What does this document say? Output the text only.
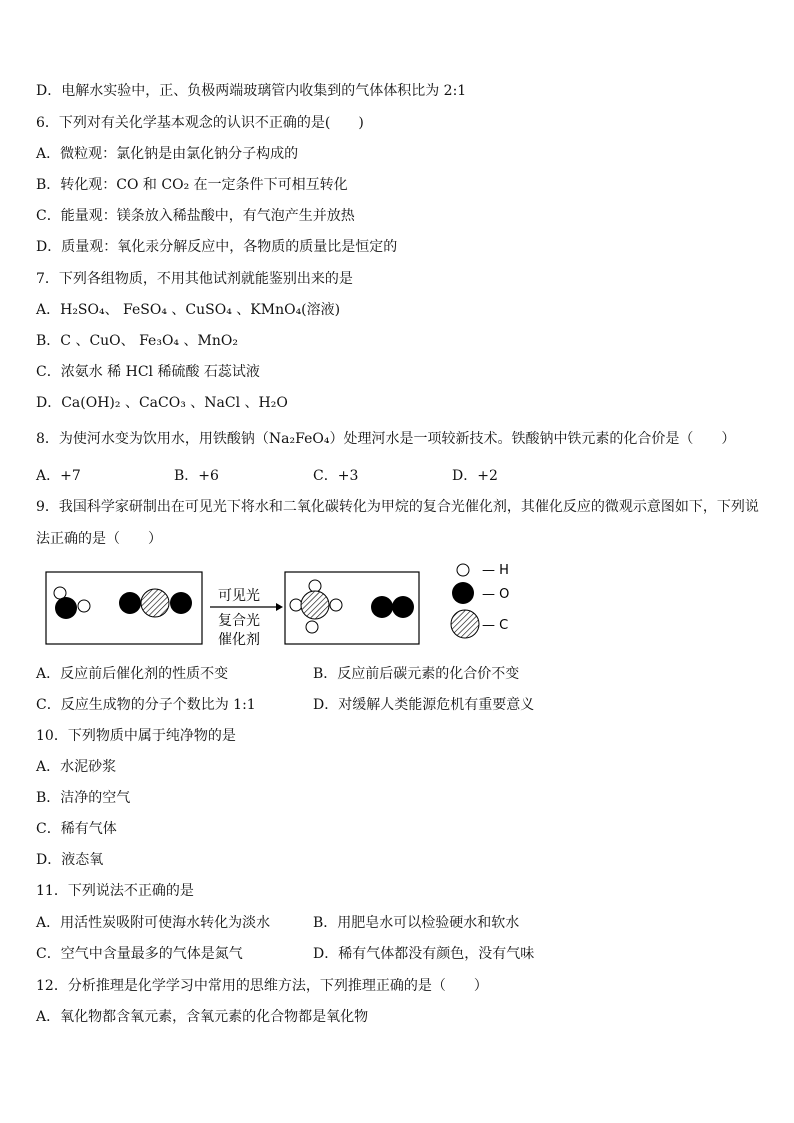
D．电解水实验中，正、负极两端玻璃管内收集到的气体体积比为 2:1
6．下列对有关化学基本观念的认识不正确的是(　　)
A．微粒观：氯化钠是由氯化钠分子构成的
B．转化观：CO 和 CO₂ 在一定条件下可相互转化
C．能量观：镁条放入稀盐酸中，有气泡产生并放热
D．质量观：氧化汞分解反应中，各物质的质量比是恒定的
7．下列各组物质，不用其他试剂就能鉴别出来的是
A．H₂SO₄、 FeSO₄ 、CuSO₄ 、KMnO₄(溶液)
B．C 、CuO、 Fe₃O₄ 、MnO₂
C．浓氨水 稀 HCl 稀硫酸 石蕊试液
D．Ca(OH)₂ 、CaCO₃ 、NaCl 、H₂O
8．为使河水变为饮用水，用铁酸钠（Na₂FeO₄）处理河水是一项较新技术。铁酸钠中铁元素的化合价是（　　）
A．+7	B．+6	C．+3	D．+2
9．我国科学家研制出在可见光下将水和二氧化碳转化为甲烷的复合光催化剂，其催化反应的微观示意图如下，下列说
法正确的是（　　）
可见光
复合光
催化剂
— H
— O
— C
A．反应前后催化剂的性质不变	B．反应前后碳元素的化合价不变
C．反应生成物的分子个数比为 1:1	D．对缓解人类能源危机有重要意义
10．下列物质中属于纯净物的是
A．水泥砂浆
B．洁净的空气
C．稀有气体
D．液态氧
11．下列说法不正确的是
A．用活性炭吸附可使海水转化为淡水	B．用肥皂水可以检验硬水和软水
C．空气中含量最多的气体是氮气	D．稀有气体都没有颜色，没有气味
12．分析推理是化学学习中常用的思维方法，下列推理正确的是（　　）
A．氧化物都含氧元素，含氧元素的化合物都是氧化物
